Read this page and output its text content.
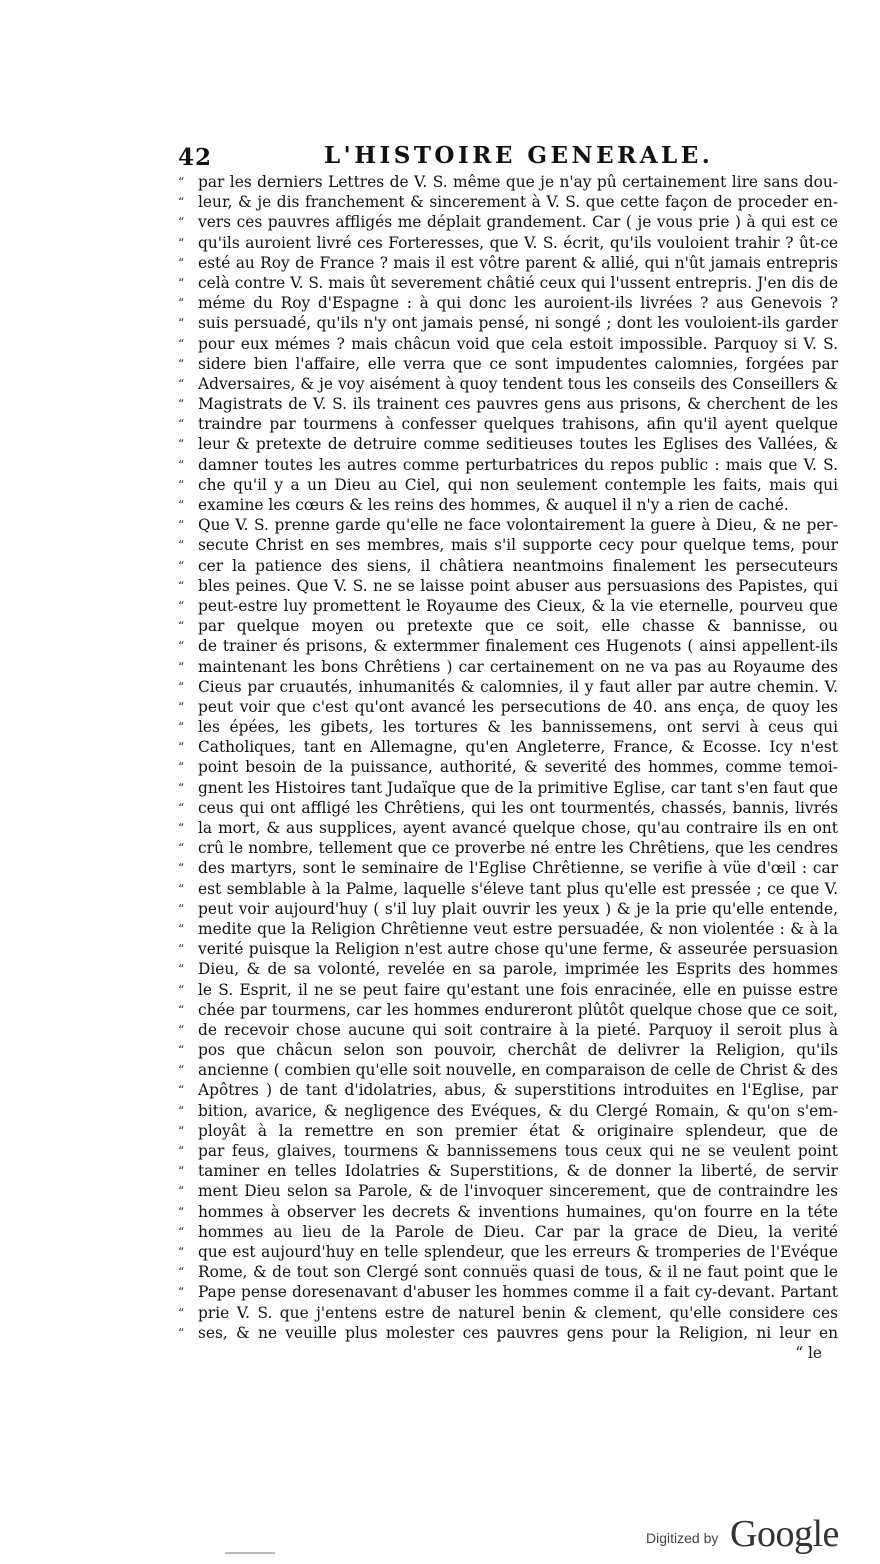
42	L'HISTOIRE GENERALE.
“ par les derniers Lettres de V. S. même que je n'ay pû certainement lire sans dou-
“ leur, & je dis franchement & sincerement à V. S. que cette façon de proceder en-
“ vers ces pauvres affligés me déplait grandement. Car ( je vous prie ) à qui est ce
“ qu'ils auroient livré ces Forteresses, que V. S. écrit, qu'ils vouloient trahir ? ût-ce
“ esté au Roy de France ? mais il est vôtre parent & allié, qui n'ût jamais entrepris
“ celà contre V. S. mais ût severement châtié ceux qui l'ussent entrepris. J'en dis de
“ méme du Roy d'Espagne : à qui donc les auroient-ils livrées ? aus Genevois ?
“ suis persuadé, qu'ils n'y ont jamais pensé, ni songé ; dont les vouloient-ils garder
“ pour eux mémes ? mais châcun void que cela estoit impossible. Parquoy si V. S.
“ sidere bien l'affaire, elle verra que ce sont impudentes calomnies, forgées par
“ Adversaires, & je voy aisément à quoy tendent tous les conseils des Conseillers &
“ Magistrats de V. S. ils trainent ces pauvres gens aus prisons, & cherchent de les
“ traindre par tourmens à confesser quelques trahisons, afin qu'il ayent quelque
“ leur & pretexte de detruire comme seditieuses toutes les Eglises des Vallées, &
“ damner toutes les autres comme perturbatrices du repos public : mais que V. S.
“ che qu'il y a un Dieu au Ciel, qui non seulement contemple les faits, mais qui
“ examine les cœurs & les reins des hommes, & auquel il n'y a rien de caché.
“ Que V. S. prenne garde qu'elle ne face volontairement la guere à Dieu, & ne per-
“ secute Christ en ses membres, mais s'il supporte cecy pour quelque tems, pour
“ cer la patience des siens, il châtiera neantmoins finalement les persecuteurs
“ bles peines. Que V. S. ne se laisse point abuser aus persuasions des Papistes, qui
“ peut-estre luy promettent le Royaume des Cieux, & la vie eternelle, pourveu que
“ par quelque moyen ou pretexte que ce soit, elle chasse & bannisse, ou
“ de trainer és prisons, & extermmer finalement ces Hugenots ( ainsi appellent-ils
“ maintenant les bons Chrêtiens ) car certainement on ne va pas au Royaume des
“ Cieus par cruautés, inhumanités & calomnies, il y faut aller par autre chemin. V.
“ peut voir que c'est qu'ont avancé les persecutions de 40. ans ença, de quoy les
“ les épées, les gibets, les tortures & les bannissemens, ont servi à ceus qui
“ Catholiques, tant en Allemagne, qu'en Angleterre, France, & Ecosse. Icy n'est
“ point besoin de la puissance, authorité, & severité des hommes, comme temoi-
“ gnent les Histoires tant Judaïque que de la primitive Eglise, car tant s'en faut que
“ ceus qui ont affligé les Chrêtiens, qui les ont tourmentés, chassés, bannis, livrés
“ la mort, & aus supplices, ayent avancé quelque chose, qu'au contraire ils en ont
“ crû le nombre, tellement que ce proverbe né entre les Chrêtiens, que les cendres
“ des martyrs, sont le seminaire de l'Eglise Chrêtienne, se verifie à vüe d'œil : car
“ est semblable à la Palme, laquelle s'éleve tant plus qu'elle est pressée ; ce que V.
“ peut voir aujourd'huy ( s'il luy plait ouvrir les yeux ) & je la prie qu'elle entende,
“ medite que la Religion Chrêtienne veut estre persuadée, & non violentée : & à la
“ verité puisque la Religion n'est autre chose qu'une ferme, & asseurée persuasion
“ Dieu, & de sa volonté, revelée en sa parole, imprimée les Esprits des hommes
“ le S. Esprit, il ne se peut faire qu'estant une fois enracinée, elle en puisse estre
“ chée par tourmens, car les hommes endureront plûtôt quelque chose que ce soit,
“ de recevoir chose aucune qui soit contraire à la pieté. Parquoy il seroit plus à
“ pos que châcun selon son pouvoir, cherchât de delivrer la Religion, qu'ils
“ ancienne ( combien qu'elle soit nouvelle, en comparaison de celle de Christ & des
“ Apôtres ) de tant d'idolatries, abus, & superstitions introduites en l'Eglise, par
“ bition, avarice, & negligence des Evéques, & du Clergé Romain, & qu'on s'em-
“ ployât à la remettre en son premier état & originaire splendeur, que de
“ par feus, glaives, tourmens & bannissemens tous ceux qui ne se veulent point
“ taminer en telles Idolatries & Superstitions, & de donner la liberté, de servir
“ ment Dieu selon sa Parole, & de l'invoquer sincerement, que de contraindre les
“ hommes à observer les decrets & inventions humaines, qu'on fourre en la téte
“ hommes au lieu de la Parole de Dieu. Car par la grace de Dieu, la verité
“ que est aujourd'huy en telle splendeur, que les erreurs & tromperies de l'Evéque
“ Rome, & de tout son Clergé sont connuës quasi de tous, & il ne faut point que le
“ Pape pense doresenavant d'abuser les hommes comme il a fait cy-devant. Partant
“ prie V. S. que j'entens estre de naturel benin & clement, qu'elle considere ces
“ ses, & ne veuille plus molester ces pauvres gens pour la Religion, ni leur en
“ le
Digitized by Google
